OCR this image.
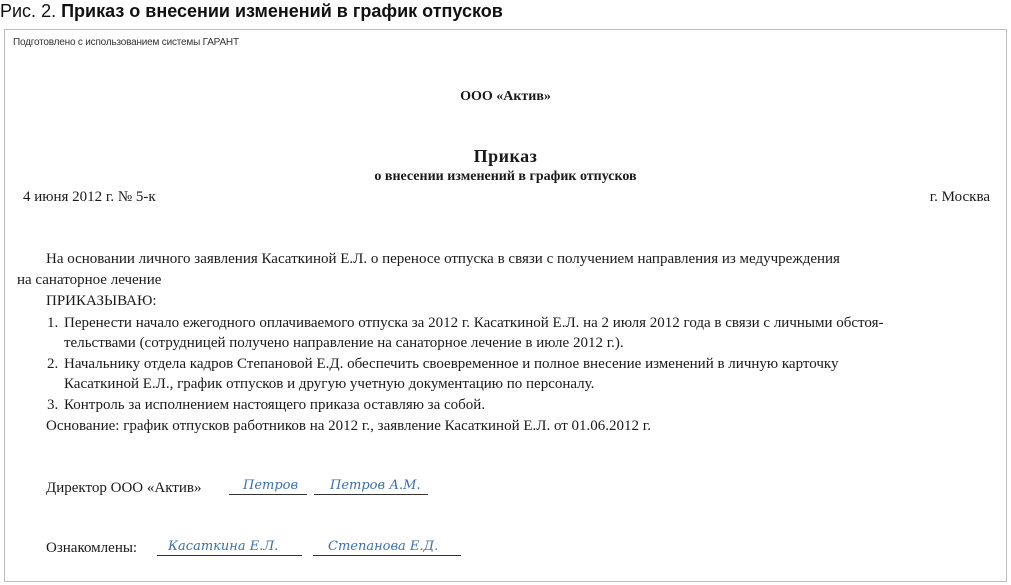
Рис. 2. Приказ о внесении изменений в график отпусков
Подготовлено с использованием системы ГАРАНТ
ООО «Актив»
Приказ
о внесении изменений в график отпусков
4 июня 2012 г. № 5-к	г. Москва
На основании личного заявления Касаткиной Е.Л. о переносе отпуска в связи с получением направления из медучреждения
на санаторное лечение
ПРИКАЗЫВАЮ:
1. Перенести начало ежегодного оплачиваемого отпуска за 2012 г. Касаткиной Е.Л. на 2 июля 2012 года в связи с личными обстоя-
тельствами (сотрудницей получено направление на санаторное лечение в июле 2012 г.).
2. Начальнику отдела кадров Степановой Е.Д. обеспечить своевременное и полное внесение изменений в личную карточку
Касаткиной Е.Л., график отпусков и другую учетную документацию по персоналу.
3. Контроль за исполнением настоящего приказа оставляю за собой.
Основание: график отпусков работников на 2012 г., заявление Касаткиной Е.Л. от 01.06.2012 г.
Директор ООО «Актив»	Петров Петров А.М.
Ознакомлены: Касаткина Е.Л.	Степанова Е.Д.
